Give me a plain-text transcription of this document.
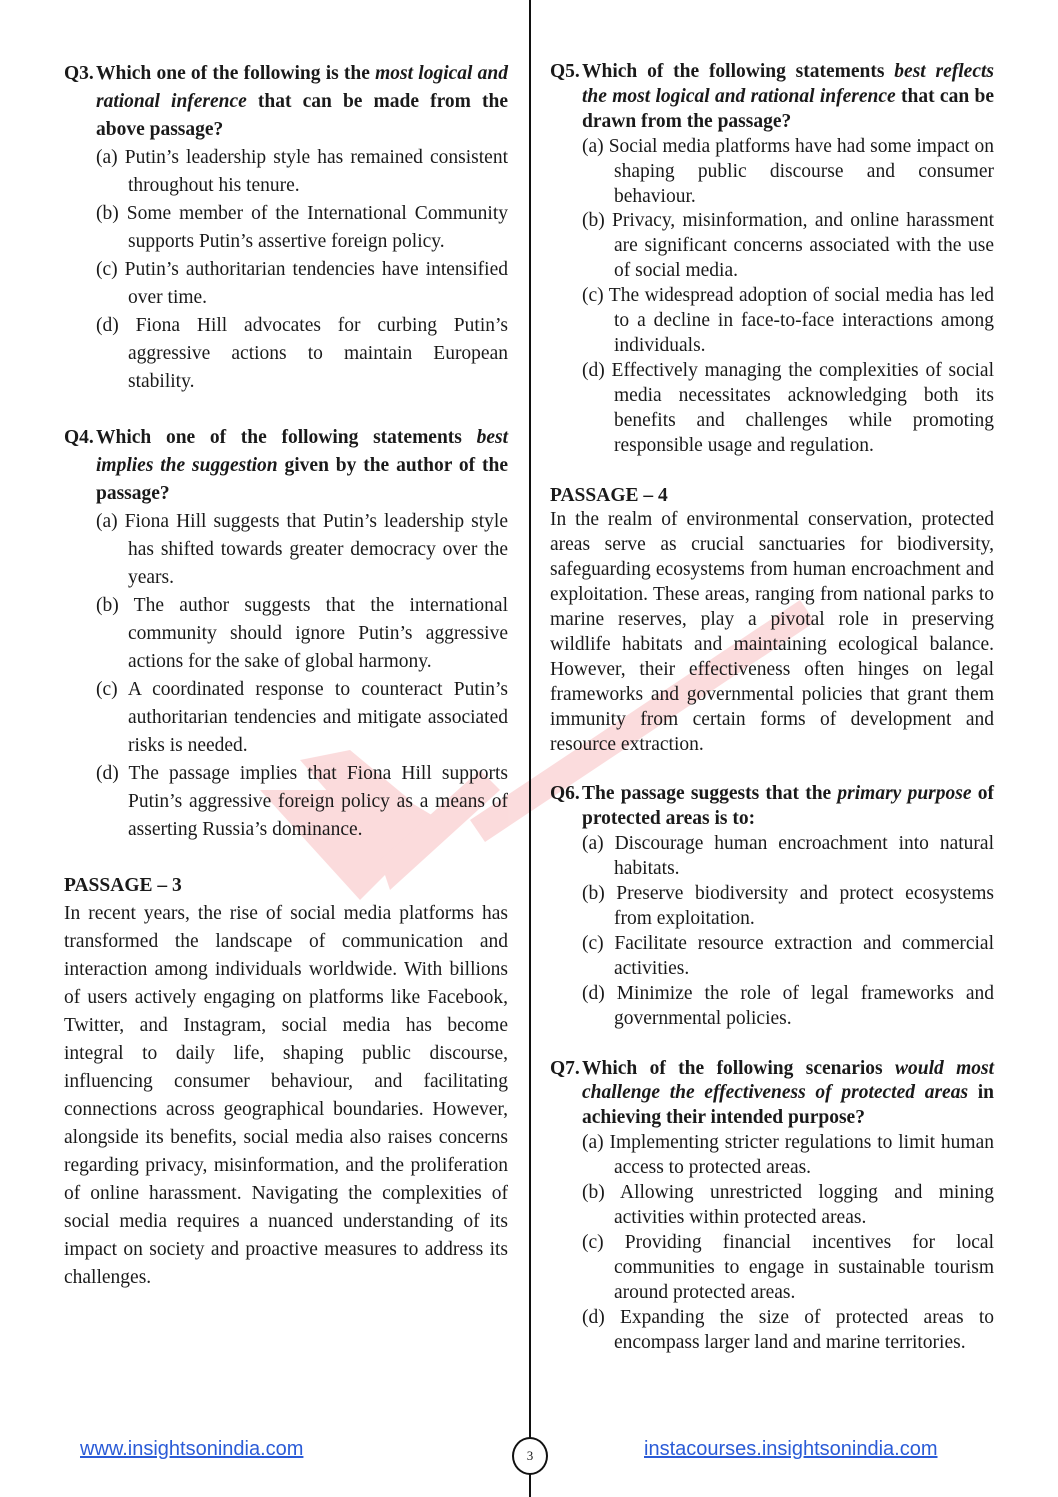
Q3. Which one of the following is the most logical and rational inference that can be made from the above passage?
(a) Putin’s leadership style has remained consistent throughout his tenure.
(b) Some member of the International Community supports Putin’s assertive foreign policy.
(c) Putin’s authoritarian tendencies have intensified over time.
(d) Fiona Hill advocates for curbing Putin’s aggressive actions to maintain European stability.
Q4. Which one of the following statements best implies the suggestion given by the author of the passage?
(a) Fiona Hill suggests that Putin’s leadership style has shifted towards greater democracy over the years.
(b) The author suggests that the international community should ignore Putin’s aggressive actions for the sake of global harmony.
(c) A coordinated response to counteract Putin’s authoritarian tendencies and mitigate associated risks is needed.
(d) The passage implies that Fiona Hill supports Putin’s aggressive foreign policy as a means of asserting Russia’s dominance.
PASSAGE – 3
In recent years, the rise of social media platforms has transformed the landscape of communication and interaction among individuals worldwide. With billions of users actively engaging on platforms like Facebook, Twitter, and Instagram, social media has become integral to daily life, shaping public discourse, influencing consumer behaviour, and facilitating connections across geographical boundaries. However, alongside its benefits, social media also raises concerns regarding privacy, misinformation, and the proliferation of online harassment. Navigating the complexities of social media requires a nuanced understanding of its impact on society and proactive measures to address its challenges.
Q5. Which of the following statements best reflects the most logical and rational inference that can be drawn from the passage?
(a) Social media platforms have had some impact on shaping public discourse and consumer behaviour.
(b) Privacy, misinformation, and online harassment are significant concerns associated with the use of social media.
(c) The widespread adoption of social media has led to a decline in face-to-face interactions among individuals.
(d) Effectively managing the complexities of social media necessitates acknowledging both its benefits and challenges while promoting responsible usage and regulation.
PASSAGE – 4
In the realm of environmental conservation, protected areas serve as crucial sanctuaries for biodiversity, safeguarding ecosystems from human encroachment and exploitation. These areas, ranging from national parks to marine reserves, play a pivotal role in preserving wildlife habitats and maintaining ecological balance. However, their effectiveness often hinges on legal frameworks and governmental policies that grant them immunity from certain forms of development and resource extraction.
Q6. The passage suggests that the primary purpose of protected areas is to:
(a) Discourage human encroachment into natural habitats.
(b) Preserve biodiversity and protect ecosystems from exploitation.
(c) Facilitate resource extraction and commercial activities.
(d) Minimize the role of legal frameworks and governmental policies.
Q7. Which of the following scenarios would most challenge the effectiveness of protected areas in achieving their intended purpose?
(a) Implementing stricter regulations to limit human access to protected areas.
(b) Allowing unrestricted logging and mining activities within protected areas.
(c) Providing financial incentives for local communities to engage in sustainable tourism around protected areas.
(d) Expanding the size of protected areas to encompass larger land and marine territories.
3
www.insightsonindia.com	instacourses.insightsonindia.com
